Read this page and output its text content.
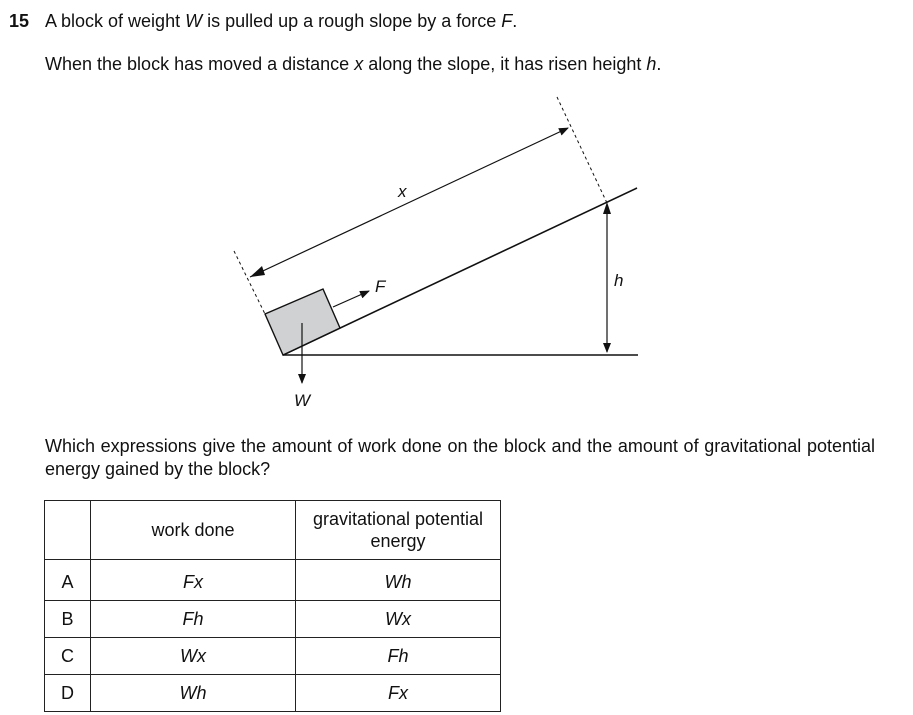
15 A block of weight W is pulled up a rough slope by a force F.
When the block has moved a distance x along the slope, it has risen height h.
x
F	h
W
Which expressions give the amount of work done on the block and the amount of gravitational potential energy gained by the block?
	work done	gravitational potential energy
A	Fx	Wh
B	Fh	Wx
C	Wx	Fh
D	Wh	Fx
